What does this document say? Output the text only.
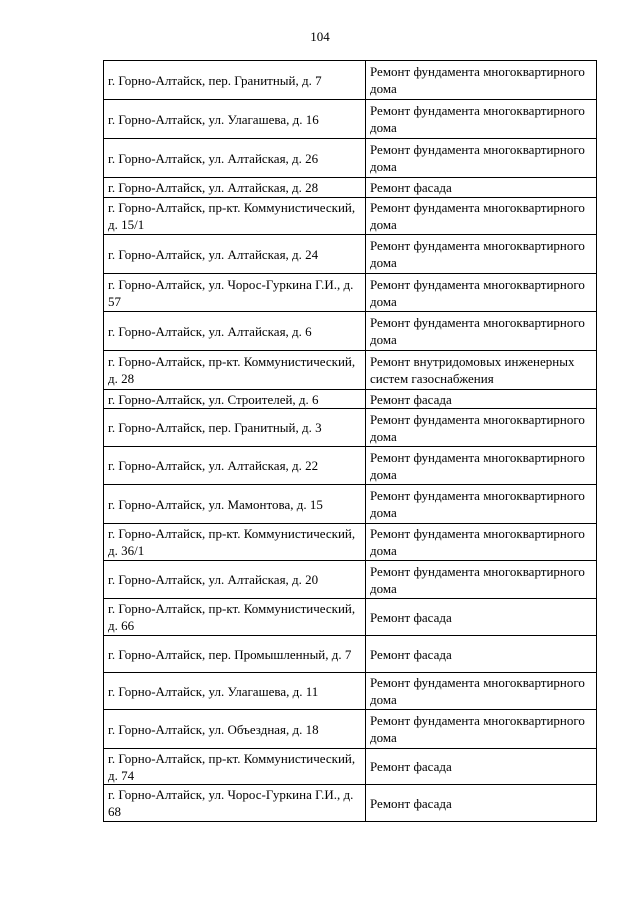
104
г. Горно-Алтайск, пер. Гранитный, д. 7	Ремонт фундамента многоквартирного дома
г. Горно-Алтайск, ул. Улагашева, д. 16	Ремонт фундамента многоквартирного дома
г. Горно-Алтайск, ул. Алтайская, д. 26	Ремонт фундамента многоквартирного дома
г. Горно-Алтайск, ул. Алтайская, д. 28	Ремонт фасада
г. Горно-Алтайск, пр-кт. Коммунистический, д. 15/1	Ремонт фундамента многоквартирного дома
г. Горно-Алтайск, ул. Алтайская, д. 24	Ремонт фундамента многоквартирного дома
г. Горно-Алтайск, ул. Чорос-Гуркина Г.И., д. 57	Ремонт фундамента многоквартирного дома
г. Горно-Алтайск, ул. Алтайская, д. 6	Ремонт фундамента многоквартирного дома
г. Горно-Алтайск, пр-кт. Коммунистический, д. 28	Ремонт внутридомовых инженерных систем газоснабжения
г. Горно-Алтайск, ул. Строителей, д. 6	Ремонт фасада
г. Горно-Алтайск, пер. Гранитный, д. 3	Ремонт фундамента многоквартирного дома
г. Горно-Алтайск, ул. Алтайская, д. 22	Ремонт фундамента многоквартирного дома
г. Горно-Алтайск, ул. Мамонтова, д. 15	Ремонт фундамента многоквартирного дома
г. Горно-Алтайск, пр-кт. Коммунистический, д. 36/1	Ремонт фундамента многоквартирного дома
г. Горно-Алтайск, ул. Алтайская, д. 20	Ремонт фундамента многоквартирного дома
г. Горно-Алтайск, пр-кт. Коммунистический, д. 66	Ремонт фасада
г. Горно-Алтайск, пер. Промышленный, д. 7	Ремонт фасада
г. Горно-Алтайск, ул. Улагашева, д. 11	Ремонт фундамента многоквартирного дома
г. Горно-Алтайск, ул. Объездная, д. 18	Ремонт фундамента многоквартирного дома
г. Горно-Алтайск, пр-кт. Коммунистический, д. 74	Ремонт фасада
г. Горно-Алтайск, ул. Чорос-Гуркина Г.И., д. 68	Ремонт фасада
